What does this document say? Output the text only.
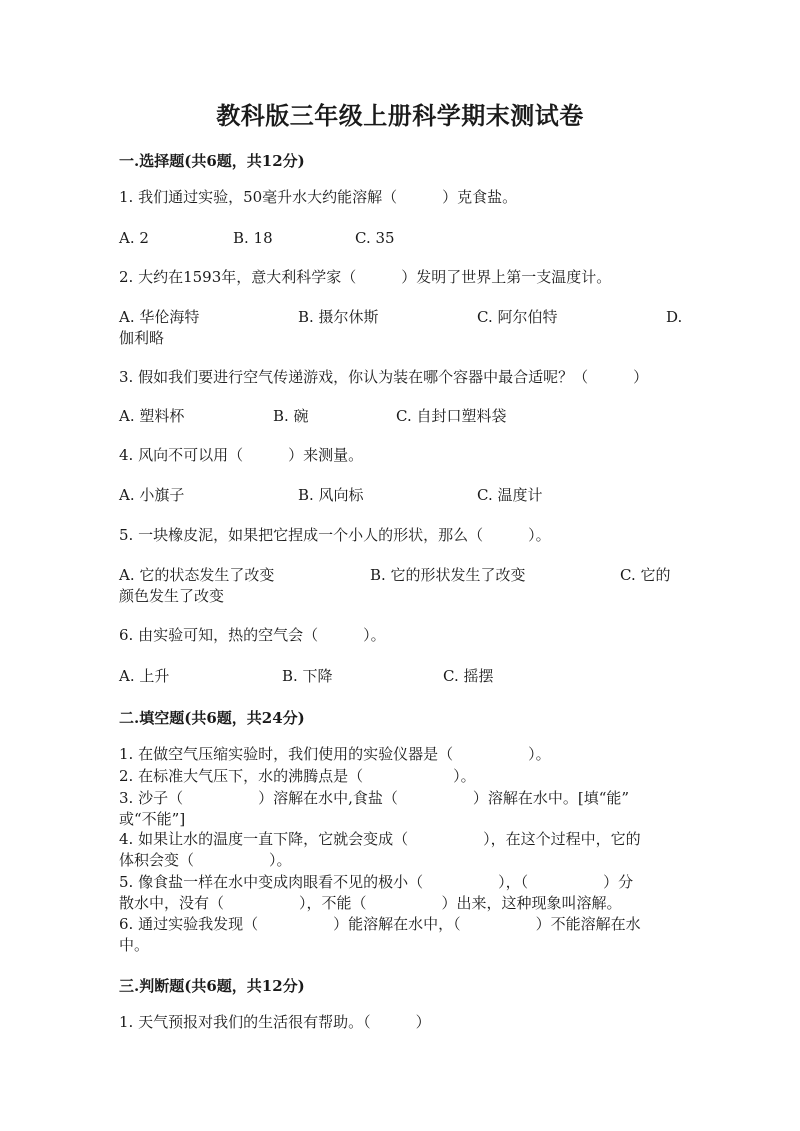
教科版三年级上册科学期末测试卷
一.选择题(共6题，共12分)
1. 我们通过实验，50毫升水大约能溶解（　　　）克食盐。
A. 2	B. 18	C. 35
2. 大约在1593年，意大利科学家（　　　）发明了世界上第一支温度计。
A. 华伦海特	B. 摄尔休斯	C. 阿尔伯特	D.
伽利略
3. 假如我们要进行空气传递游戏，你认为装在哪个容器中最合适呢？（　　　）
A. 塑料杯	B. 碗	C. 自封口塑料袋
4. 风向不可以用（　　　）来测量。
A. 小旗子	B. 风向标	C. 温度计
5. 一块橡皮泥，如果把它捏成一个小人的形状，那么（　　　）。
A. 它的状态发生了改变	B. 它的形状发生了改变	C. 它的
颜色发生了改变
6. 由实验可知，热的空气会（　　　）。
A. 上升	B. 下降	C. 摇摆
二.填空题(共6题，共24分)
1. 在做空气压缩实验时，我们使用的实验仪器是（　　　　　）。
2. 在标准大气压下，水的沸腾点是（　　　　　　）。
3. 沙子（　　　　　）溶解在水中,食盐（　　　　　）溶解在水中。[填“能”
或“不能”]
4. 如果让水的温度一直下降，它就会变成（　　　　　），在这个过程中，它的
体积会变（　　　　　）。
5. 像食盐一样在水中变成肉眼看不见的极小（　　　　　），（　　　　　）分
散水中，没有（　　　　　），不能（　　　　　）出来，这种现象叫溶解。
6. 通过实验我发现（　　　　　）能溶解在水中，（　　　　　）不能溶解在水
中。
三.判断题(共6题，共12分)
1. 天气预报对我们的生活很有帮助。（　　　）
